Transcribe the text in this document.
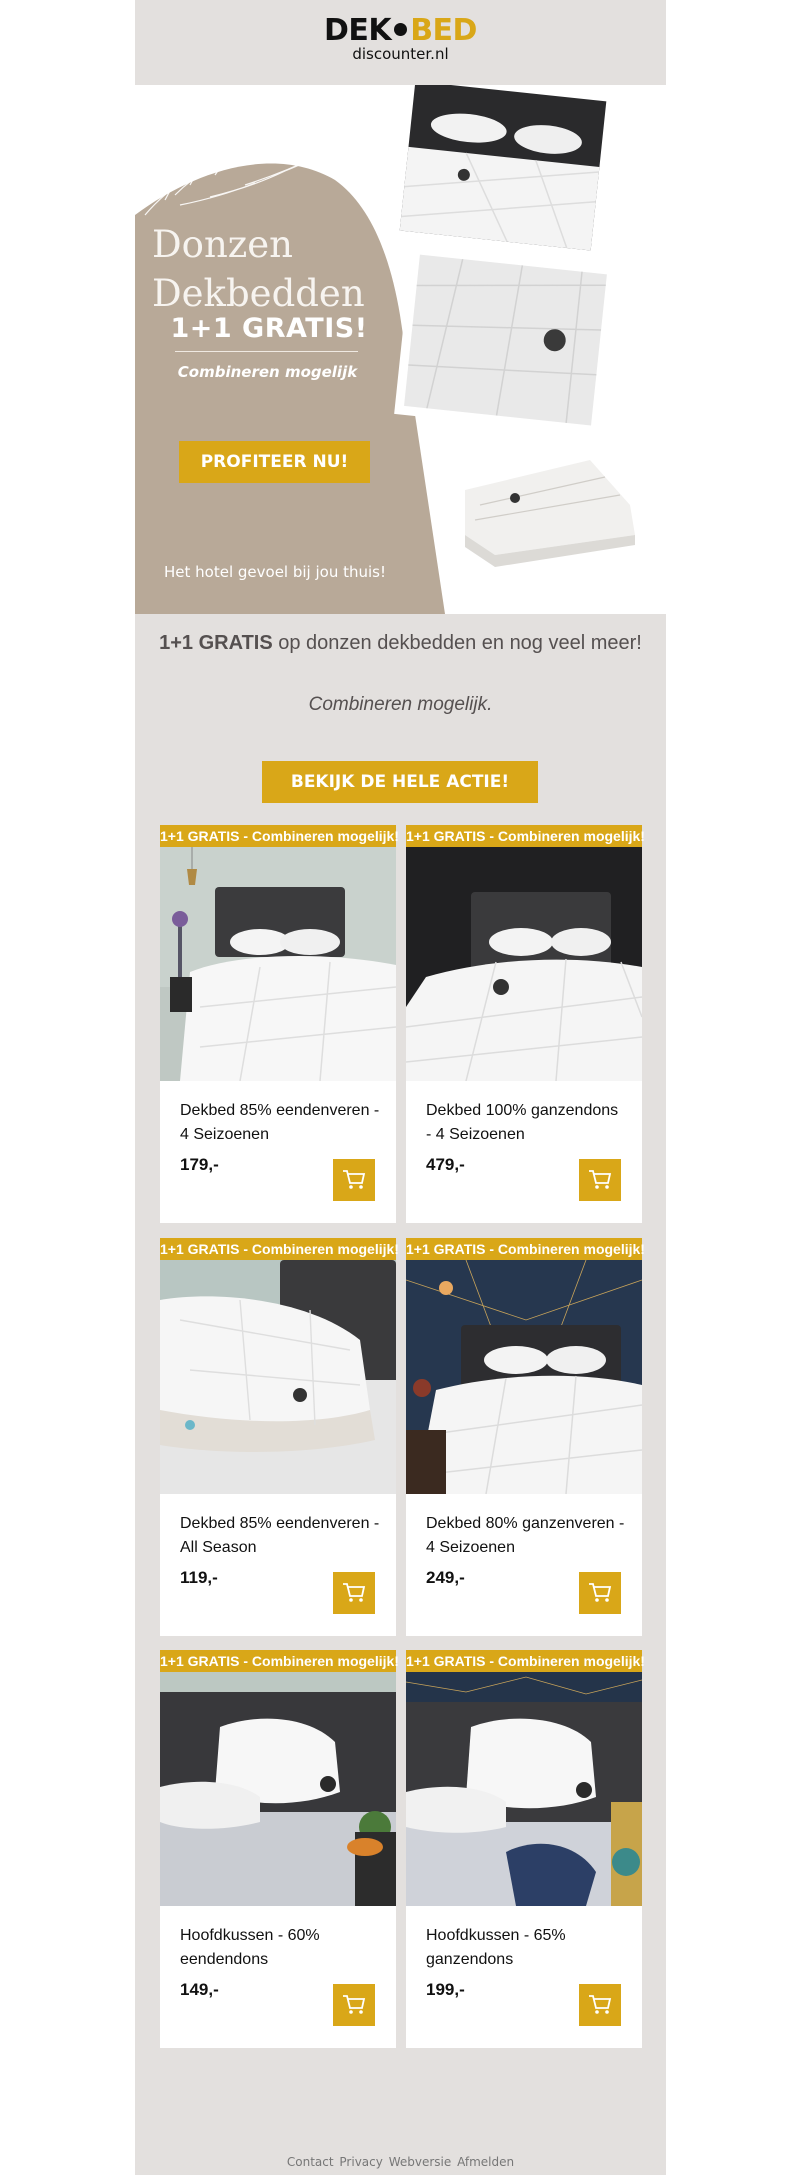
DEK BED
discounter.nl
Donzen
Dekbedden
1+1 GRATIS!
Combineren mogelijk
PROFITEER NU!
Het hotel gevoel bij jou thuis!
1+1 GRATIS op donzen dekbedden en nog veel meer!
Combineren mogelijk.
BEKIJK DE HELE ACTIE!
1+1 GRATIS - Combineren mogelijk!
Dekbed 85% eendenveren - 4 Seizoenen
179,-
1+1 GRATIS - Combineren mogelijk!
Dekbed 100% ganzendons - 4 Seizoenen
479,-
1+1 GRATIS - Combineren mogelijk!
Dekbed 85% eendenveren - All Season
119,-
1+1 GRATIS - Combineren mogelijk!
Dekbed 80% ganzenveren - 4 Seizoenen
249,-
1+1 GRATIS - Combineren mogelijk!
Hoofdkussen - 60% eendendons
149,-
1+1 GRATIS - Combineren mogelijk!
Hoofdkussen - 65% ganzendons
199,-
Contact Privacy Webversie Afmelden
